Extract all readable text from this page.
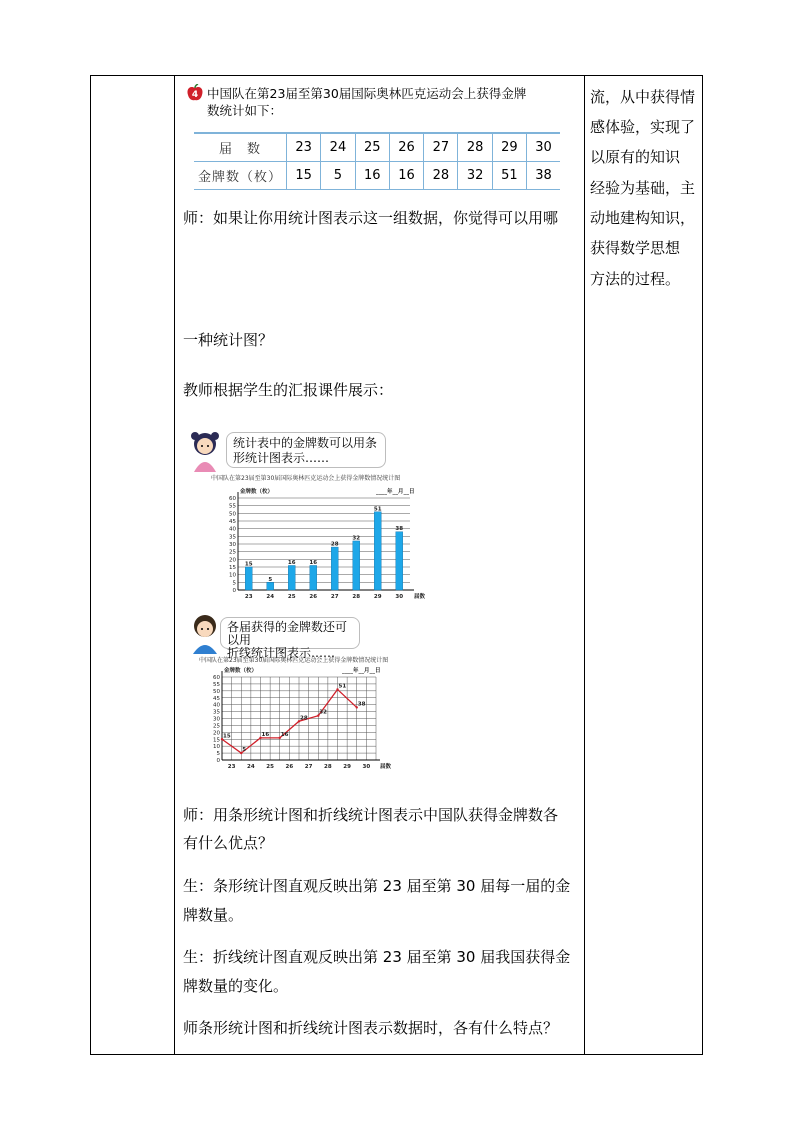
4 中国队在第23届至第30届国际奥林匹克运动会上获得金牌
数统计如下：
届　数	23	24	25	26	27	28	29	30
金牌数（枚）	15	5	16	16	28	32	51	38
师：如果让你用统计图表示这一组数据，你觉得可以用哪
一种统计图？
教师根据学生的汇报课件展示：
流，从中获得情
感体验，实现了
以原有的知识
经验为基础，主
动地建构知识，
获得数学思想
方法的过程。
统计表中的金牌数可以用条
形统计图表示……
中国队在第23届至第30届国际奥林匹克运动会上获得金牌数情况统计图
0
5
10
15
20
25
30
35
40
45
50
55
60
金牌数（枚）	____年__月__日
届数
23	24	25	26	27	28	29	30
15
5
16	16
28
32
51
38
各届获得的金牌数还可以用
折线统计图表示……
中国队在第23届至第30届国际奥林匹克运动会上获得金牌数情况统计图
0
5
10
15
20
25
30
35
40
45
50
55
60
金牌数（枚）	____年__月__日
届数
23 24 25 26 27 28 29 30
15
5
16 16
28
32
51
38
师：用条形统计图和折线统计图表示中国队获得金牌数各
有什么优点？
生：条形统计图直观反映出第 23 届至第 30 届每一届的金
牌数量。
生：折线统计图直观反映出第 23 届至第 30 届我国获得金
牌数量的变化。
师条形统计图和折线统计图表示数据时，各有什么特点？
